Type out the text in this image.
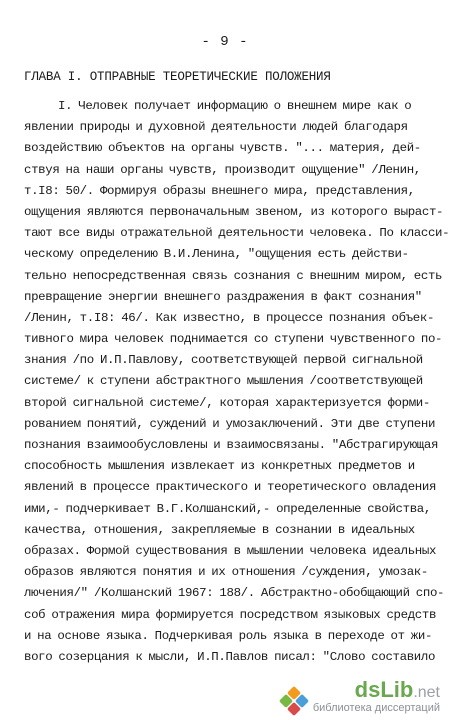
- 9 -
ГЛАВА I. ОТПРАВНЫЕ ТЕОРЕТИЧЕСКИЕ ПОЛОЖЕНИЯ
I. Человек получает информацию о внешнем мире как о
явлении природы и духовной деятельности людей благодаря
воздействию объектов на органы чувств. "... материя, дей-
ствуя на наши органы чувств, производит ощущение" /Ленин,
т.I8: 50/. Формируя образы внешнего мира, представления,
ощущения являются первоначальным звеном, из которого выраст-
тают все виды отражательной деятельности человека. По класси-
ческому определению В.И.Ленина, "ощущения есть действи-
тельно непосредственная связь сознания с внешним миром, есть
превращение энергии внешнего раздражения в факт сознания"
/Ленин, т.I8: 46/. Как известно, в процессе познания объек-
тивного мира человек поднимается со ступени чувственного по-
знания /по И.П.Павлову, соответствующей первой сигнальной
системе/ к ступени абстрактного мышления /соответствующей
второй сигнальной системе/, которая характеризуется форми-
рованием понятий, суждений и умозаключений. Эти две ступени
познания взаимообусловлены и взаимосвязаны. "Абстрагирующая
способность мышления извлекает из конкретных предметов и
явлений в процессе практического и теоретического овладения
ими,- подчеркивает В.Г.Колшанский,- определенные свойства,
качества, отношения, закрепляемые в сознании в идеальных
образах. Формой существования в мышлении человека идеальных
образов являются понятия и их отношения /суждения, умозак-
лючения/" /Колшанский 1967: 188/. Абстрактно-обобщающий спо-
соб отражения мира формируется посредством языковых средств
и на основе языка. Подчеркивая роль языка в переходе от жи-
вого созерцания к мысли, И.П.Павлов писал: "Слово составило
dsLib.net
библиотека диссертаций
